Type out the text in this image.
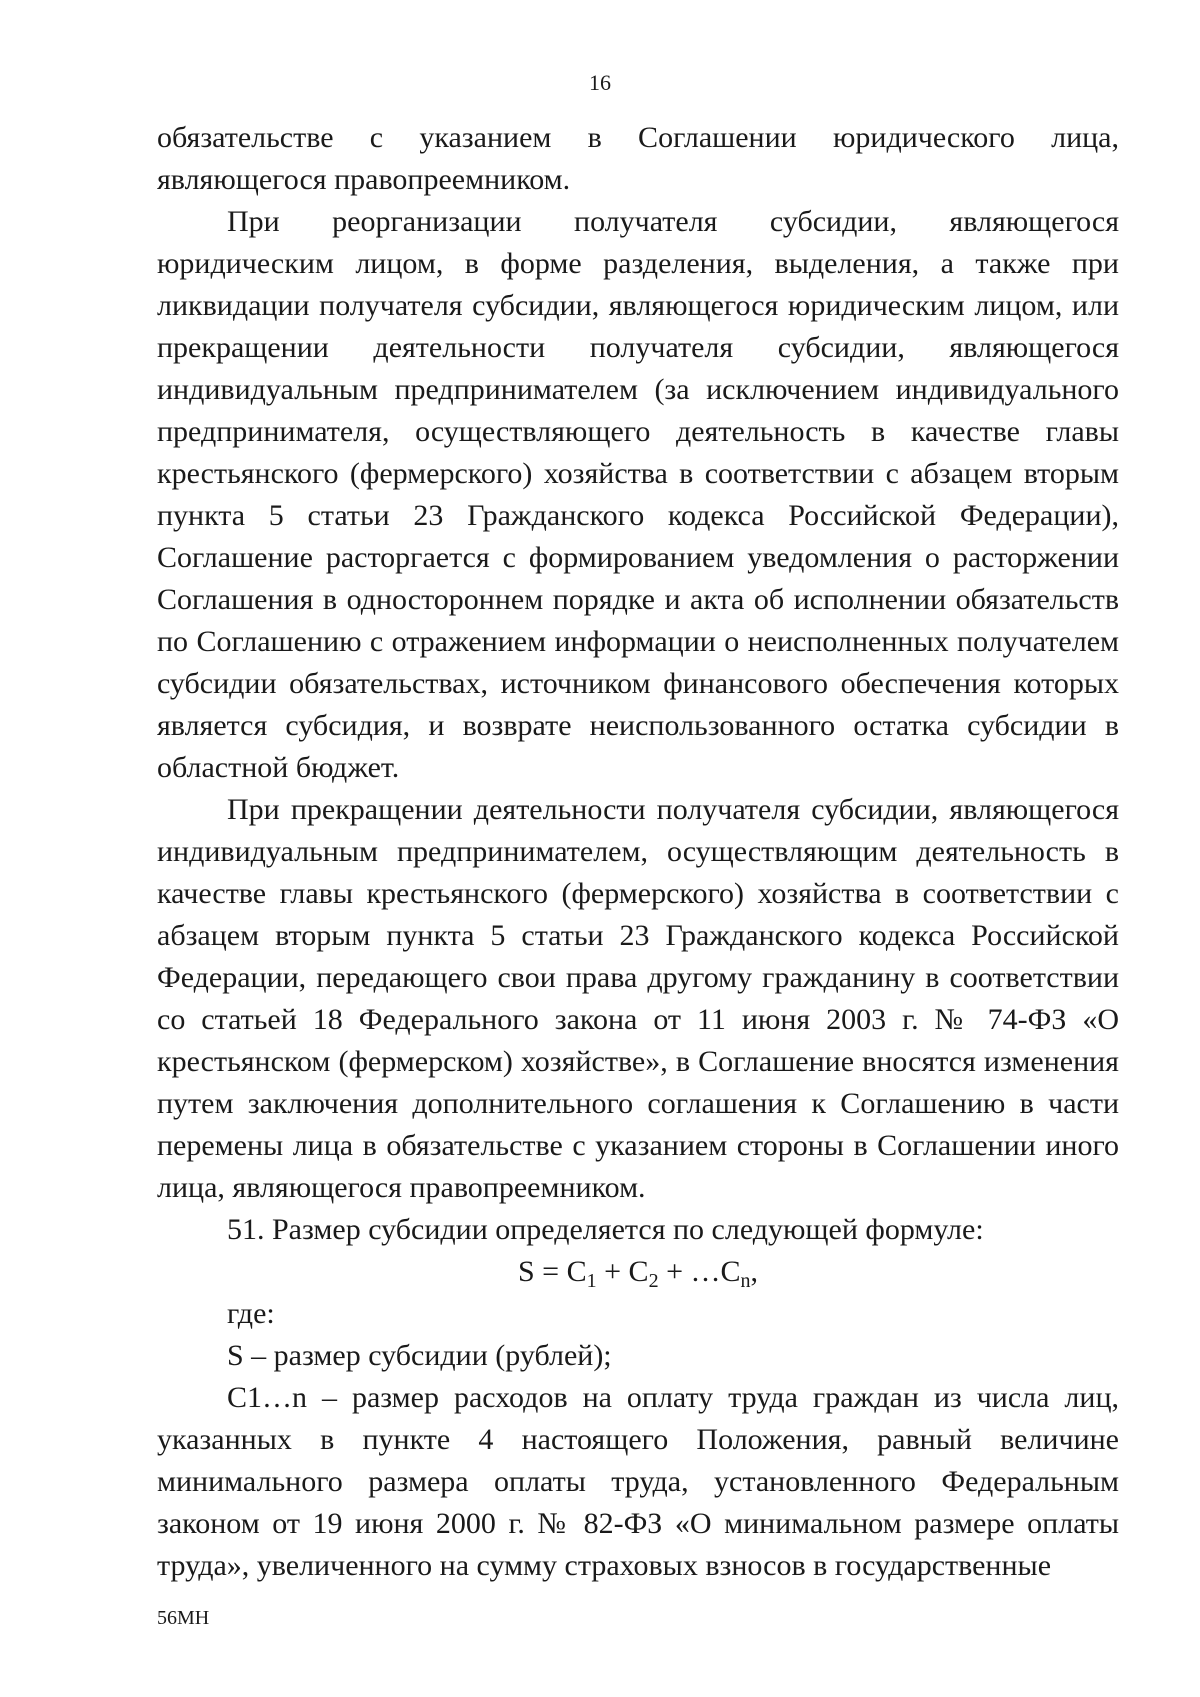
16

обязательстве с указанием в Соглашении юридического лица, являющегося правопреемником.

При реорганизации получателя субсидии, являющегося юридическим лицом, в форме разделения, выделения, а также при ликвидации получателя субсидии, являющегося юридическим лицом, или прекращении деятельности получателя субсидии, являющегося индивидуальным предпринимателем (за исключением индивидуального предпринимателя, осуществляющего деятельность в качестве главы крестьянского (фермерского) хозяйства в соответствии с абзацем вторым пункта 5 статьи 23 Гражданского кодекса Российской Федерации), Соглашение расторгается с формированием уведомления о расторжении Соглашения в одностороннем порядке и акта об исполнении обязательств по Соглашению с отражением информации о неисполненных получателем субсидии обязательствах, источником финансового обеспечения которых является субсидия, и возврате неиспользованного остатка субсидии в областной бюджет.

При прекращении деятельности получателя субсидии, являющегося индивидуальным предпринимателем, осуществляющим деятельность в качестве главы крестьянского (фермерского) хозяйства в соответствии с абзацем вторым пункта 5 статьи 23 Гражданского кодекса Российской Федерации, передающего свои права другому гражданину в соответствии со статьей 18 Федерального закона от 11 июня 2003 г. № 74-ФЗ «О крестьянском (фермерском) хозяйстве», в Соглашение вносятся изменения путем заключения дополнительного соглашения к Соглашению в части перемены лица в обязательстве с указанием стороны в Соглашении иного лица, являющегося правопреемником.

51. Размер субсидии определяется по следующей формуле:

$S = C_1 + C_2$ + $\dots C_n$,

где:

S – размер субсидии (рублей);

C1…n – размер расходов на оплату труда граждан из числа лиц, указанных в пункте 4 настоящего Положения, равный величине минимального размера оплаты труда, установленного Федеральным законом от 19 июня 2000 г. № 82-ФЗ «О минимальном размере оплаты труда», увеличенного на сумму страховых взносов в государственные

56МН
